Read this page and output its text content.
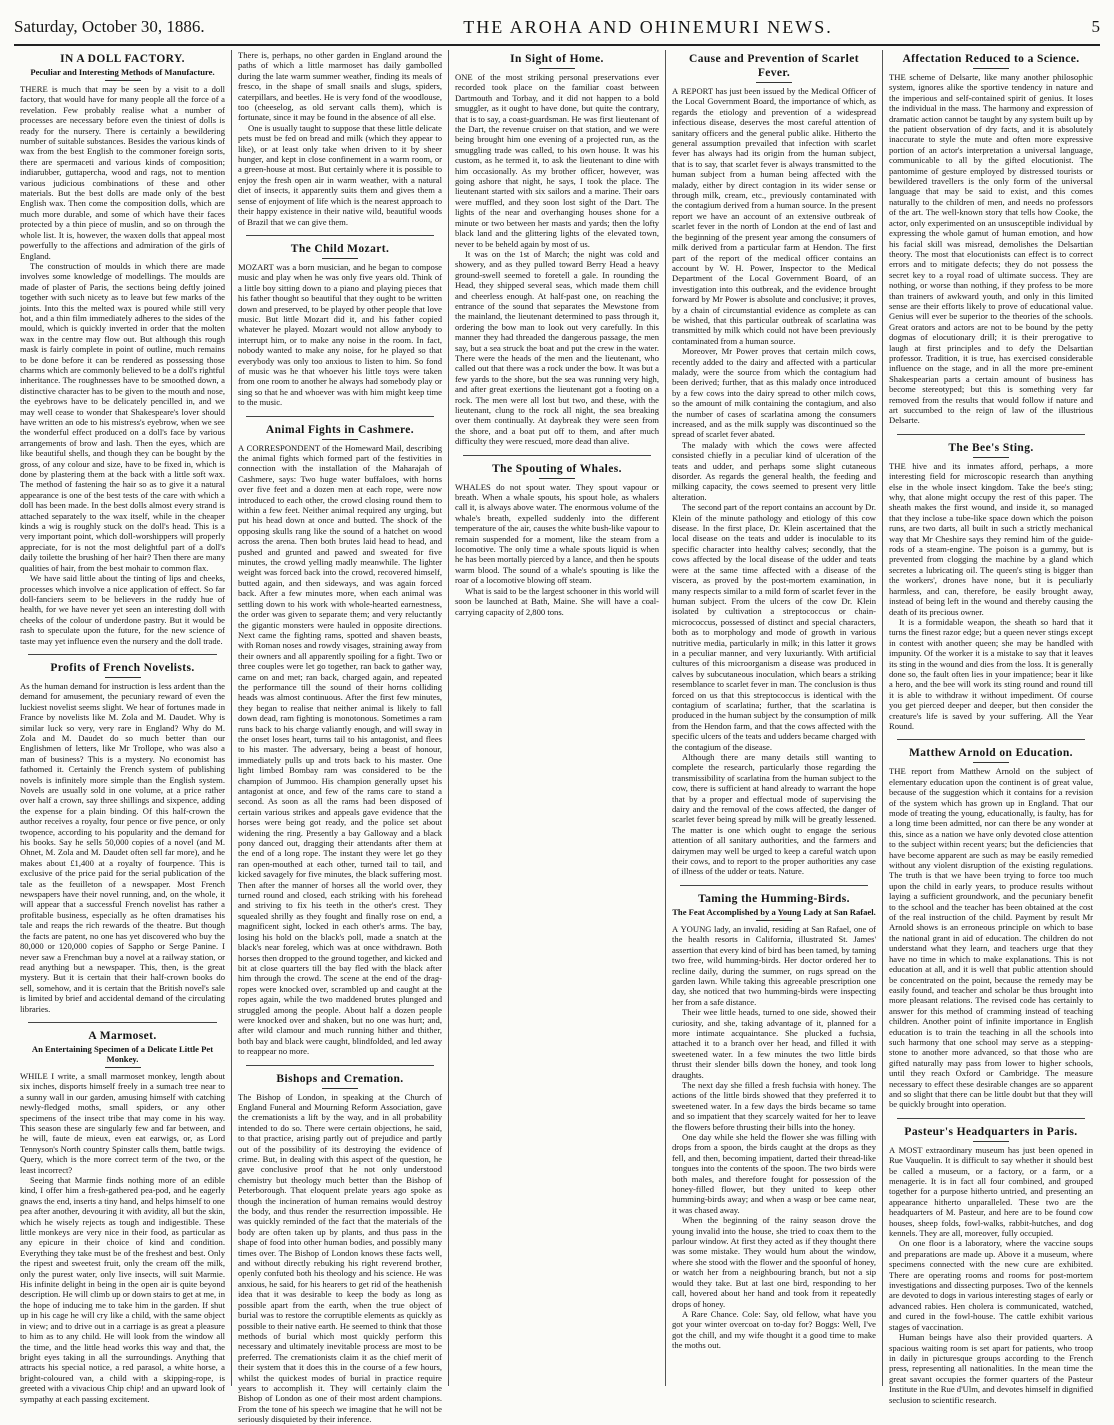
Saturday, October 30, 1886.	THE AROHA AND OHINEMURI NEWS.	5
IN A DOLL FACTORY.
Peculiar and Interesting Methods of Manufacture.

THERE is much that may be seen by a visit to a doll factory, that would have for many people all the force of a revelation. Few probably realise what a number of processes are necessary before even the tiniest of dolls is ready for the nursery. There is certainly a bewildering number of suitable substances. Besides the various kinds of wax from the best English to the commoner foreign sorts, there are spermaceti and various kinds of composition; indiarubber, guttapercha, wood and rags, not to mention various judicious combinations of these and other materials. But the best dolls are made only of the best English wax. Then come the composition dolls, which are much more durable, and some of which have their faces protected by a thin piece of muslin, and so on through the whole list. It is, however, the waxen dolls that appeal most powerfully to the affections and admiration of the girls of England.

The construction of moulds in which there are made involves some knowledge of modellings. The moulds are made of plaster of Paris, the sections being deftly joined together with such nicety as to leave but few marks of the joints. Into this the melted wax is poured while still very hot, and a thin film immediately adheres to the sides of the mould, which is quickly inverted in order that the molten wax in the centre may flow out. But although this rough mask is fairly complete in point of outline, much remains to be done before it can be rendered as possessing those charms which are commonly believed to be a doll's rightful inheritance. The roughnesses have to be smoothed down, a distinctive character has to be given to the mouth and nose, the eyebrows have to be delicately pencilled in, and we may well cease to wonder that Shakespeare's lover should have written an ode to his mistress's eyebrow, when we see the wonderful effect produced on a doll's face by various arrangements of brow and lash. Then the eyes, which are like beautiful shells, and though they can be bought by the gross, of any colour and size, have to be fixed in, which is done by plastering them at the back with a little soft wax. The method of fastening the hair so as to give it a natural appearance is one of the best tests of the care with which a doll has been made. In the best dolls almost every strand is attached separately to the wax itself, while in the cheaper kinds a wig is roughly stuck on the doll's head. This is a very important point, which doll-worshippers will properly appreciate, for is not the most delightful part of a doll's daily toilette the brushing of her hair? Then there are many qualities of hair, from the best mohair to common flax.

We have said little about the tinting of lips and cheeks, processes which involve a nice application of effect. So far doll-fanciers seem to be believers in the ruddy hue of health, for we have never yet seen an interesting doll with cheeks of the colour of underdone pastry. But it would be rash to speculate upon the future, for the new science of taste may yet influence even the nursery and the doll trade.

Profits of French Novelists.

As the human demand for instruction is less ardent than the demand for amusement, the pecuniary reward of even the luckiest novelist seems slight. We hear of fortunes made in France by novelists like M. Zola and M. Daudet. Why is similar luck so very, very rare in England? Why do M. Zola and M. Daudet do so much better than our Englishmen of letters, like Mr Trollope, who was also a man of business? This is a mystery. No economist has fathomed it. Certainly the French system of publishing novels is infinitely more simple than the English system. Novels are usually sold in one volume, at a price rather over half a crown, say three shillings and sixpence, adding the expense for a plain binding. Of this half-crown the author receives a royalty, four pence or five pence, or only twopence, according to his popularity and the demand for his books. Say he sells 50,000 copies of a novel (and M. Ohnet, M. Zola and M. Daudet often sell far more), and he makes about £1,400 at a royalty of fourpence. This is exclusive of the price paid for the serial publication of the tale as the feuilleton of a newspaper. Most French newspapers have their novel running, and, on the whole, it will appear that a successful French novelist has rather a profitable business, especially as he often dramatises his tale and reaps the rich rewards of the theatre. But though the facts are patent, no one has yet discovered who buy the 80,000 or 120,000 copies of Sappho or Serge Panine. I never saw a Frenchman buy a novel at a railway station, or read anything but a newspaper. This, then, is the great mystery. But it is certain that their half-crown books do sell, somehow, and it is certain that the British novel's sale is limited by brief and accidental demand of the circulating libraries.

A Marmoset.
An Entertaining Specimen of a Delicate Little Pet Monkey.

WHILE I write, a small marmoset monkey, length about six inches, disports himself freely in a sumach tree near to a sunny wall in our garden, amusing himself with catching newly-fledged moths, small spiders, or any other specimens of the insect tribe that may come in his way. This season these are singularly few and far between, and he will, faute de mieux, even eat earwigs, or, as Lord Tennyson's North country Spinster calls them, battle twigs. Query, which is the more correct term of the two, or the least incorrect?

Seeing that Marmie finds nothing more of an edible kind, I offer him a fresh-gathered pea-pod, and he eagerly gnaws the end, inserts a tiny hand, and helps himself to one pea after another, devouring it with avidity, all but the skin, which he wisely rejects as tough and indigestible. These little monkeys are very nice in their food, as particular as any epicure in their choice of kind and condition. Everything they take must be of the freshest and best. Only the ripest and sweetest fruit, only the cream off the milk, only the purest water, only live insects, will suit Marmie. His infinite delight in being in the open air is quite beyond description. He will climb up or down stairs to get at me, in the hope of inducing me to take him in the garden. If shut up in his cage he will cry like a child, with the same object in view; and to drive out in a carriage is as great a pleasure to him as to any child. He will look from the window all the time, and the little head works this way and that, the bright eyes taking in all the surroundings. Anything that attracts his special notice, a red parasol, a white horse, a bright-coloured van, a child with a skipping-rope, is greeted with a vivacious Chip chip! and an upward look of sympathy at each passing excitement.

There is, perhaps, no other garden in England around the paths of which a little marmoset has daily gambolled during the late warm summer weather, finding its meals of fresco, in the shape of small snails and slugs, spiders, caterpillars, and beetles. He is very fond of the woodlouse, too (cheeselog, as old servant calls them), which is fortunate, since it may be found in the absence of all else.

One is usually taught to suppose that these little delicate pets must be fed on bread and milk (which they appear to like), or at least only take when driven to it by sheer hunger, and kept in close confinement in a warm room, or a green-house at most. But certainly where it is possible to enjoy the fresh open air in warm weather, with a natural diet of insects, it apparently suits them and gives them a sense of enjoyment of life which is the nearest approach to their happy existence in their native wild, beautiful woods of Brazil that we can give them.

The Child Mozart.

MOZART was a born musician, and he began to compose music and play when he was only five years old. Think of a little boy sitting down to a piano and playing pieces that his father thought so beautiful that they ought to be written down and preserved, to be played by other people that love music. But little Mozart did it, and his father copied whatever he played. Mozart would not allow anybody to interrupt him, or to make any noise in the room. In fact, nobody wanted to make any noise, for he played so that everybody was only too anxious to listen to him. So fond of music was he that whoever his little toys were taken from one room to another he always had somebody play or sing so that he and whoever was with him might keep time to the music.

Animal Fights in Cashmere.

A CORRESPONDENT of the Homeward Mail, describing the animal fights which formed part of the festivities in connection with the installation of the Maharajah of Cashmere, says: Two huge water buffaloes, with horns over five feet and a dozen men at each rope, were now introduced to each other, the crowd closing round them to within a few feet. Neither animal required any urging, but put his head down at once and butted. The shock of the opposing skulls rang like the sound of a hatchet on wood across the arena. Then both brutes laid head to head, and pushed and grunted and pawed and sweated for five minutes, the crowd yelling madly meanwhile. The lighter weight was forced back into the crowd, recovered himself, butted again, and then sideways, and was again forced back. After a few minutes more, when each animal was settling down to his work with whole-hearted earnestness, the order was given to separate them; and very reluctantly the gigantic monsters were hauled in opposite directions. Next came the fighting rams, spotted and shaven beasts, with Roman noses and rowdy visages, straining away from their owners and all apparently spoiling for a fight. Two or three couples were let go together, ran back to gather way, came on and met; ran back, charged again, and repeated the performance till the sound of their horns colliding heads was almost continuous. After the first few minutes, they began to realise that neither animal is likely to fall down dead, ram fighting is monotonous. Sometimes a ram runs back to his charge valiantly enough, and will sway in the onset loses heart, turns tail to his antagonist, and flees to his master. The adversary, being a beast of honour, immediately pulls up and trots back to his master. One light limbed Bombay ram was considered to be the champion of Jummoo. His champion generally upset his antagonist at once, and few of the rams care to stand a second. As soon as all the rams had been disposed of certain various strikes and appeals gave evidence that the horses were being got ready, and the police set about widening the ring. Presently a bay Galloway and a black pony danced out, dragging their attendants after them at the end of a long rope. The instant they were let go they ran open-mouthed at each other, turned tail to tail, and kicked savagely for five minutes, the black suffering most. Then after the manner of horses all the world over, they turned round and closed, each striking with his forehead and striving to fix his teeth in the other's crest. They squealed shrilly as they fought and finally rose on end, a magnificent sight, locked in each other's arms. The bay, losing his hold on the black's poll, made a snatch at the black's near foreleg, which was at once withdrawn. Both horses then dropped to the ground together, and kicked and bit at close quarters till the bay fled with the black after him through the crowd. The scene at the end of the drag-ropes were knocked over, scrambled up and caught at the ropes again, while the two maddened brutes plunged and struggled among the people. About half a dozen people were knocked over and shaken, but no one was hurt; and, after wild clamour and much running hither and thither, both bay and black were caught, blindfolded, and led away to reappear no more.

Bishops and Cremation.

The Bishop of London, in speaking at the Church of England Funeral and Mourning Reform Association, gave the cremationists a lift by the way, and in all probability intended to do so. There were certain objections, he said, to that practice, arising partly out of prejudice and partly out of the possibility of its destroying the evidence of crime. But, in dealing with this aspect of the question, he gave conclusive proof that he not only understood chemistry but theology much better than the Bishop of Peterborough. That eloquent prelate years ago spoke as though the incineration of human remains would destroy the body, and thus render the resurrection impossible. He was quickly reminded of the fact that the materials of the body are often taken up by plants, and thus pass in the shape of food into other human bodies, and possibly many times over. The Bishop of London knows these facts well, and without directly rebuking his right reverend brother, openly confuted both his theology and his science. He was anxious, he said, for his hearers to get rid of the heathenish idea that it was desirable to keep the body as long as possible apart from the earth, when the true object of burial was to restore the corruptible elements as quickly as possible to their native earth. He seemed to think that those methods of burial which most quickly perform this necessary and ultimately inevitable process are most to be preferred. The cremationists claim it as the chief merit of their system that it does this in the course of a few hours, whilst the quickest modes of burial in practice require years to accomplish it. They will certainly claim the Bishop of London as one of their most ardent champions. From the tone of his speech we imagine that he will not be seriously disquieted by their inference.

In Sight of Home.

ONE of the most striking personal preservations ever recorded took place on the familiar coast between Dartmouth and Torbay, and it did not happen to a bold smuggler, as it ought to have done, but quite the contrary, that is to say, a coast-guardsman. He was first lieutenant of the Dart, the revenue cruiser on that station, and we were being brought him one evening of a projected run, as the smuggling trade was called, to his own house. It was his custom, as he termed it, to ask the lieutenant to dine with him occasionally. As my brother officer, however, was going ashore that night, he says, I took the place. The lieutenant started with six sailors and a marine. Their oars were muffled, and they soon lost sight of the Dart. The lights of the near and overhanging houses shone for a minute or two between her masts and yards; then the lofty black land and the glittering lights of the elevated town, never to be beheld again by most of us.

It was on the 1st of March; the night was cold and showery, and as they pulled toward Berry Head a heavy ground-swell seemed to foretell a gale. In rounding the Head, they shipped several seas, which made them chill and cheerless enough. At half-past one, on reaching the entrance of the sound that separates the Mewstone from the mainland, the lieutenant determined to pass through it, ordering the bow man to look out very carefully. In this manner they had threaded the dangerous passage, the men say, but a sea struck the boat and put the crew in the water. There were the heads of the men and the lieutenant, who called out that there was a rock under the bow. It was but a few yards to the shore, but the sea was running very high, and after great exertions the lieutenant got a footing on a rock. The men were all lost but two, and these, with the lieutenant, clung to the rock all night, the sea breaking over them continually. At daybreak they were seen from the shore, and a boat put off to them, and after much difficulty they were rescued, more dead than alive.

The Spouting of Whales.

WHALES do not spout water. They spout vapour or breath. When a whale spouts, his spout hole, as whalers call it, is always above water. The enormous volume of the whale's breath, expelled suddenly into the different temperature of the air, causes the white bush-like vapour to remain suspended for a moment, like the steam from a locomotive. The only time a whale spouts liquid is when he has been mortally pierced by a lance, and then he spouts warm blood. The sound of a whale's spouting is like the roar of a locomotive blowing off steam.

What is said to be the largest schooner in this world will soon be launched at Bath, Maine. She will have a coal-carrying capacity of 2,800 tons.

Cause and Prevention of Scarlet Fever.

A REPORT has just been issued by the Medical Officer of the Local Government Board, the importance of which, as regards the etiology and prevention of a widespread infectious disease, deserves the most careful attention of sanitary officers and the general public alike. Hitherto the general assumption prevailed that infection with scarlet fever has always had its origin from the human subject, that is to say, that scarlet fever is always transmitted to the human subject from a human being affected with the malady, either by direct contagion in its wider sense or through milk, cream, etc., previously contaminated with the contagium derived from a human source. In the present report we have an account of an extensive outbreak of scarlet fever in the north of London at the end of last and the beginning of the present year among the consumers of milk derived from a particular farm at Hendon. The first part of the report of the medical officer contains an account by W. H. Power, Inspector to the Medical Department of the Local Government Board, of an investigation into this outbreak, and the evidence brought forward by Mr Power is absolute and conclusive; it proves, by a chain of circumstantial evidence as complete as can be wished, that this particular outbreak of scarlatina was transmitted by milk which could not have been previously contaminated from a human source.

Moreover, Mr Power proves that certain milch cows, recently added to the dairy and affected with a particular malady, were the source from which the contagium had been derived; further, that as this malady once introduced by a few cows into the dairy spread to other milch cows, so the amount of milk containing the contagium, and also the number of cases of scarlatina among the consumers increased, and as the milk supply was discontinued so the spread of scarlet fever abated.

The malady with which the cows were affected consisted chiefly in a peculiar kind of ulceration of the teats and udder, and perhaps some slight cutaneous disorder. As regards the general health, the feeding and milking capacity, the cows seemed to present very little alteration.

The second part of the report contains an account by Dr. Klein of the minute pathology and etiology of this cow disease. In the first place, Dr. Klein ascertained that the local disease on the teats and udder is inoculable to its specific character into healthy calves; secondly, that the cows affected by the local disease of the udder and teats were at the same time affected with a disease of the viscera, as proved by the post-mortem examination, in many respects similar to a mild form of scarlet fever in the human subject. From the ulcers of the cow Dr. Klein isolated by cultivation a streptococcus or chain-micrococcus, possessed of distinct and special characters, both as to morphology and mode of growth in various nutritive media, particularly in milk; in this latter it grows in a peculiar manner, and very luxuriantly. With artificial cultures of this microorganism a disease was produced in calves by subcutaneous inoculation, which bears a striking resemblance to scarlet fever in man. The conclusion is thus forced on us that this streptococcus is identical with the contagium of scarlatina; further, that the scarlatina is produced in the human subject by the consumption of milk from the Hendon farm, and that the cows affected with the specific ulcers of the teats and udders became charged with the contagium of the disease.

Although there are many details still wanting to complete the research, particularly those regarding the transmissibility of scarlatina from the human subject to the cow, there is sufficient at hand already to warrant the hope that by a proper and effectual mode of supervising the dairy and the removal of the cows affected, the danger of scarlet fever being spread by milk will be greatly lessened. The matter is one which ought to engage the serious attention of all sanitary authorities, and the farmers and dairymen may well be urged to keep a careful watch upon their cows, and to report to the proper authorities any case of illness of the udder or teats. Nature.

Taming the Humming-Birds.
The Feat Accomplished by a Young Lady at San Rafael.

A YOUNG lady, an invalid, residing at San Rafael, one of the health resorts in California, illustrated St. James' assertion that every kind of bird has been tamed, by taming two free, wild humming-birds. Her doctor ordered her to recline daily, during the summer, on rugs spread on the garden lawn. While taking this agreeable prescription one day, she noticed that two humming-birds were inspecting her from a safe distance.

Their wee little heads, turned to one side, showed their curiosity, and she, taking advantage of it, planned for a more intimate acquaintance. She plucked a fuchsia, attached it to a branch over her head, and filled it with sweetened water. In a few minutes the two little birds thrust their slender bills down the honey, and took long draughts.

The next day she filled a fresh fuchsia with honey. The actions of the little birds showed that they preferred it to sweetened water. In a few days the birds became so tame and so impatient that they scarcely waited for her to leave the flowers before thrusting their bills into the honey.

One day while she held the flower she was filling with drops from a spoon, the birds caught at the drops as they fell, and then, becoming impatient, darted their thread-like tongues into the contents of the spoon. The two birds were both males, and therefore fought for possession of the honey-filled flower, but they united to keep other humming-birds away; and when a wasp or bee came near, it was chased away.

When the beginning of the rainy season drove the young invalid into the house, she tried to coax them to the parlour window. At first they acted as if they thought there was some mistake. They would hum about the window, where she stood with the flower and the spoonful of honey, or watch her from a neighbouring branch, but not a sip would they take. But at last one bird, responding to her call, hovered about her hand and took from it repeatedly drops of honey.

A Rare Chance. Cole: Say, old fellow, what have you got your winter overcoat on to-day for? Boggs: Well, I've got the chill, and my wife thought it a good time to make the moths out.

Affectation Reduced to a Science.

THE scheme of Delsarte, like many another philosophic system, ignores alike the sportive tendency in nature and the imperious and self-contained spirit of genius. It loses the individual in the mass. The harmony and expression of dramatic action cannot be taught by any system built up by the patient observation of dry facts, and it is absolutely inaccurate to style the mute and often more expressive portion of an actor's interpretation a universal language, communicable to all by the gifted elocutionist. The pantomime of gesture employed by distressed tourists or bewildered travellers is the only form of the universal language that may be said to exist, and this comes naturally to the children of men, and needs no professors of the art. The well-known story that tells how Cooke, the actor, only experimented on an unsusceptible individual by expressing the whole gamut of human emotion, and how his facial skill was misread, demolishes the Delsartian theory. The most that elocutionists can effect is to correct errors and to mitigate defects; they do not possess the secret key to a royal road of ultimate success. They are nothing, or worse than nothing, if they profess to be more than trainers of awkward youth, and only in this limited sense are their efforts likely to prove of educational value. Genius will ever be superior to the theories of the schools. Great orators and actors are not to be bound by the petty dogmas of elocutionary drill; it is their prerogative to laugh at first principles and to defy the Delsartian professor. Tradition, it is true, has exercised considerable influence on the stage, and in all the more pre-eminent Shakespearian parts a certain amount of business has become stereotyped; but this is something very far removed from the results that would follow if nature and art succumbed to the reign of law of the illustrious Delsarte.

The Bee's Sting.

THE hive and its inmates afford, perhaps, a more interesting field for microscopic research than anything else in the whole insect kingdom. Take the bee's sting; why, that alone might occupy the rest of this paper. The sheath makes the first wound, and inside it, so managed that they inclose a tube-like space down which the poison runs, are two darts, all built in such a strictly mechanical way that Mr Cheshire says they remind him of the guide-rods of a steam-engine. The poison is a gummy, but is prevented from clogging the machine by a gland which secretes a lubricating oil. The queen's sting is bigger than the workers', drones have none, but it is peculiarly harmless, and can, therefore, be easily brought away, instead of being left in the wound and thereby causing the death of its precious owner.

It is a formidable weapon, the sheath so hard that it turns the finest razor edge; but a queen never stings except in contest with another queen; she may be handled with impunity. Of the worker it is a mistake to say that it leaves its sting in the wound and dies from the loss. It is generally done so, the fault often lies in your impatience; bear it like a hero, and the bee will work its sting round and round till it is able to withdraw it without impediment. Of course you get pierced deeper and deeper, but then consider the creature's life is saved by your suffering. All the Year Round.

Matthew Arnold on Education.

THE report from Matthew Arnold on the subject of elementary education upon the continent is of great value, because of the suggestion which it contains for a revision of the system which has grown up in England. That our mode of treating the young, educationally, is faulty, has for a long time been admitted, nor can there be any wonder at this, since as a nation we have only devoted close attention to the subject within recent years; but the deficiencies that have become apparent are such as may be easily remedied without any violent disruption of the existing regulations. The truth is that we have been trying to force too much upon the child in early years, to produce results without laying a sufficient groundwork, and the pecuniary benefit to the school and the teacher has been obtained at the cost of the real instruction of the child. Payment by result Mr Arnold shows is an erroneous principle on which to base the national grant in aid of education. The children do not understand what they learn, and teachers urge that they have no time in which to make explanations. This is not education at all, and it is well that public attention should be concentrated on the point, because the remedy may be easily found, and teacher and scholar be thus brought into more pleasant relations. The revised code has certainly to answer for this method of cramming instead of teaching children. Another point of infinite importance in English education is to train the teaching in all the schools into such harmony that one school may serve as a stepping-stone to another more advanced, so that those who are gifted naturally may pass from lower to higher schools, until they reach Oxford or Cambridge. The measure necessary to effect these desirable changes are so apparent and so slight that there can be little doubt but that they will be quickly brought into operation.

Pasteur's Headquarters in Paris.

A MOST extraordinary museum has just been opened in Rue Vauquelin. It is difficult to say whether it should best be called a museum, or a factory, or a farm, or a menagerie. It is in fact all four combined, and grouped together for a purpose hitherto untried, and presenting an appearance hitherto unparalleled. These two are the headquarters of M. Pasteur, and here are to be found cow houses, sheep folds, fowl-walks, rabbit-hutches, and dog kennels. They are all, moreover, fully occupied.

On one floor is a laboratory, where the vaccine soups and preparations are made up. Above it a museum, where specimens connected with the new cure are exhibited. There are operating rooms and rooms for post-mortem investigations and dissecting purposes. Two of the kennels are devoted to dogs in various interesting stages of early or advanced rabies. Hen cholera is communicated, watched, and cured in the fowl-house. The cattle exhibit various stages of vaccination.

Human beings have also their provided quarters. A spacious waiting room is set apart for patients, who troop in daily in picturesque groups according to the French press, representing all nationalities. In the mean time the great savant occupies the former quarters of the Pasteur Institute in the Rue d'Ulm, and devotes himself in dignified seclusion to scientific research.
